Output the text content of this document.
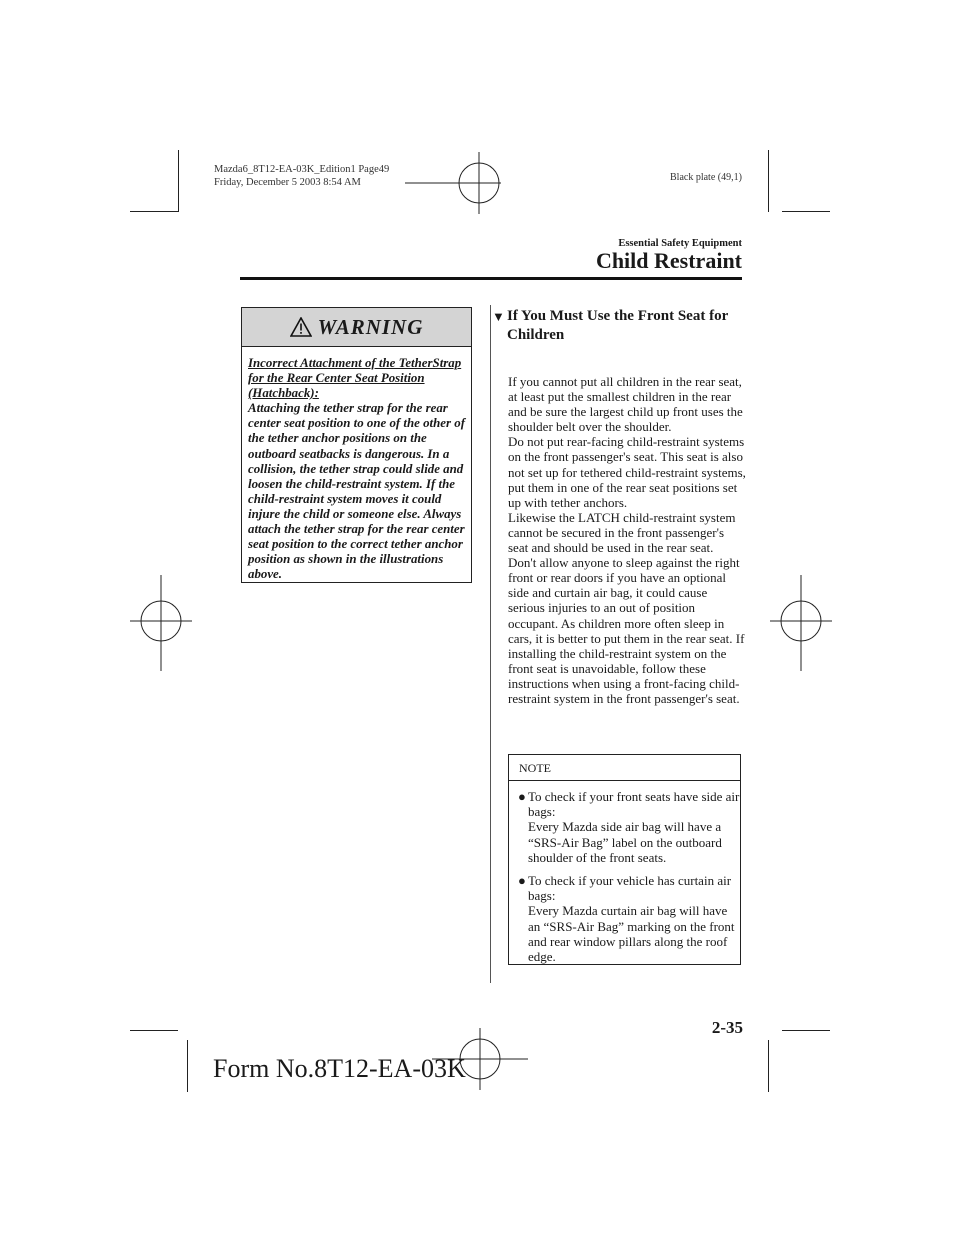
Mazda6_8T12-EA-03K_Edition1 Page49
Friday, December 5 2003 8:54 AM	Black plate (49,1)
Essential Safety Equipment
Child Restraint
WARNING
Incorrect Attachment of the TetherStrap for the Rear Center Seat Position (Hatchback):
Attaching the tether strap for the rear center seat position to one of the other of the tether anchor positions on the outboard seatbacks is dangerous. In a collision, the tether strap could slide and loosen the child-restraint system. If the child-restraint system moves it could injure the child or someone else. Always attach the tether strap for the rear center seat position to the correct tether anchor position as shown in the illustrations above.
▼ If You Must Use the Front Seat for Children

If you cannot put all children in the rear seat, at least put the smallest children in the rear and be sure the largest child up front uses the shoulder belt over the shoulder.

Do not put rear-facing child-restraint systems on the front passenger's seat. This seat is also not set up for tethered child-restraint systems, put them in one of the rear seat positions set up with tether anchors.

Likewise the LATCH child-restraint system cannot be secured in the front passenger's seat and should be used in the rear seat.

Don't allow anyone to sleep against the right front or rear doors if you have an optional side and curtain air bag, it could cause serious injuries to an out of position occupant. As children more often sleep in cars, it is better to put them in the rear seat. If installing the child-restraint system on the front seat is unavoidable, follow these instructions when using a front-facing child-restraint system in the front passenger's seat.

NOTE
● To check if your front seats have side air bags:
Every Mazda side air bag will have a “SRS-Air Bag” label on the outboard shoulder of the front seats.
● To check if your vehicle has curtain air bags:
Every Mazda curtain air bag will have an “SRS-Air Bag” marking on the front and rear window pillars along the roof edge.
2-35
Form No.8T12-EA-03K
